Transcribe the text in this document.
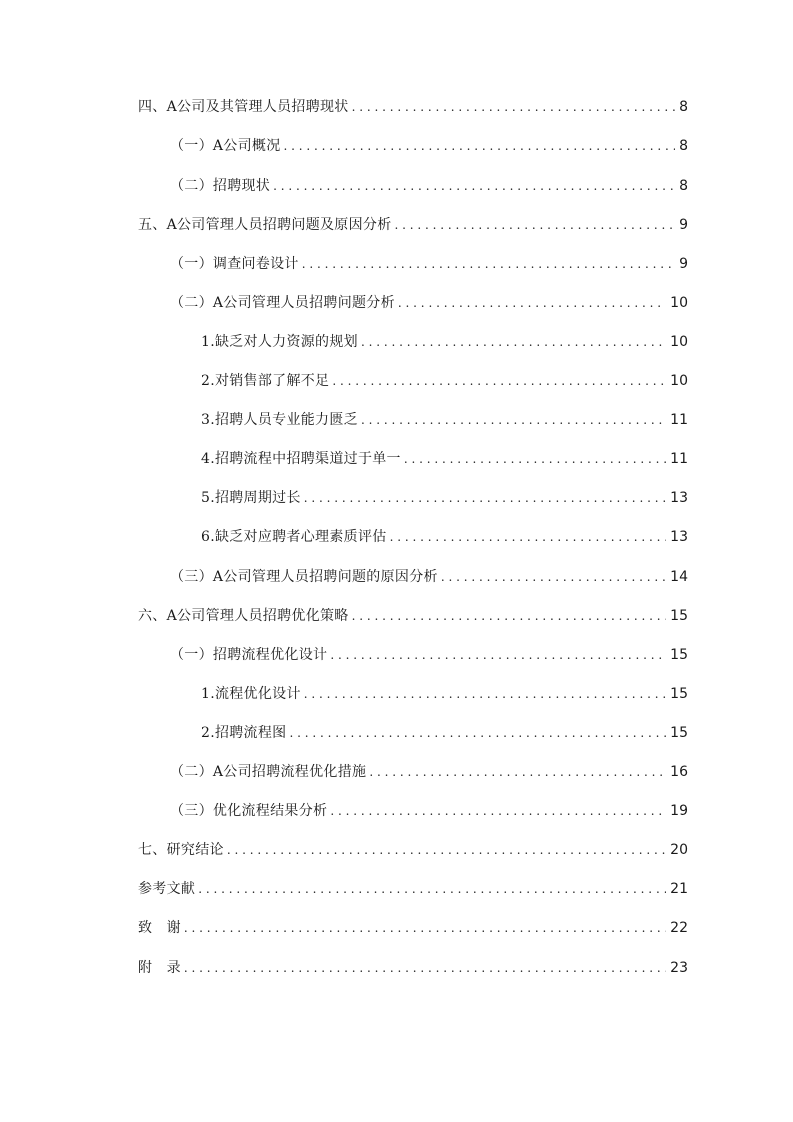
四、A公司及其管理人员招聘现状 . . .	8
（一）A公司概况 . . .	8
（二）招聘现状 . . .	8
五、A公司管理人员招聘问题及原因分析 . . .	9
（一）调查问卷设计 . . .	9
（二）A公司管理人员招聘问题分析 . . .	10
1.缺乏对人力资源的规划 . . .	10
2.对销售部了解不足 . . .	10
3.招聘人员专业能力匮乏 . . .	11
4.招聘流程中招聘渠道过于单一 . . .	11
5.招聘周期过长 . . .	13
6.缺乏对应聘者心理素质评估 . . .	13
（三）A公司管理人员招聘问题的原因分析 . . .	14
六、A公司管理人员招聘优化策略 . . .	15
（一）招聘流程优化设计 . . .	15
1.流程优化设计 . . .	15
2.招聘流程图 . . .	15
（二）A公司招聘流程优化措施 . . .	16
（三）优化流程结果分析 . . .	19
七、研究结论 . . .	20
参考文献 . . .	21
致　谢 . . .	22
附　录 . . .	23
